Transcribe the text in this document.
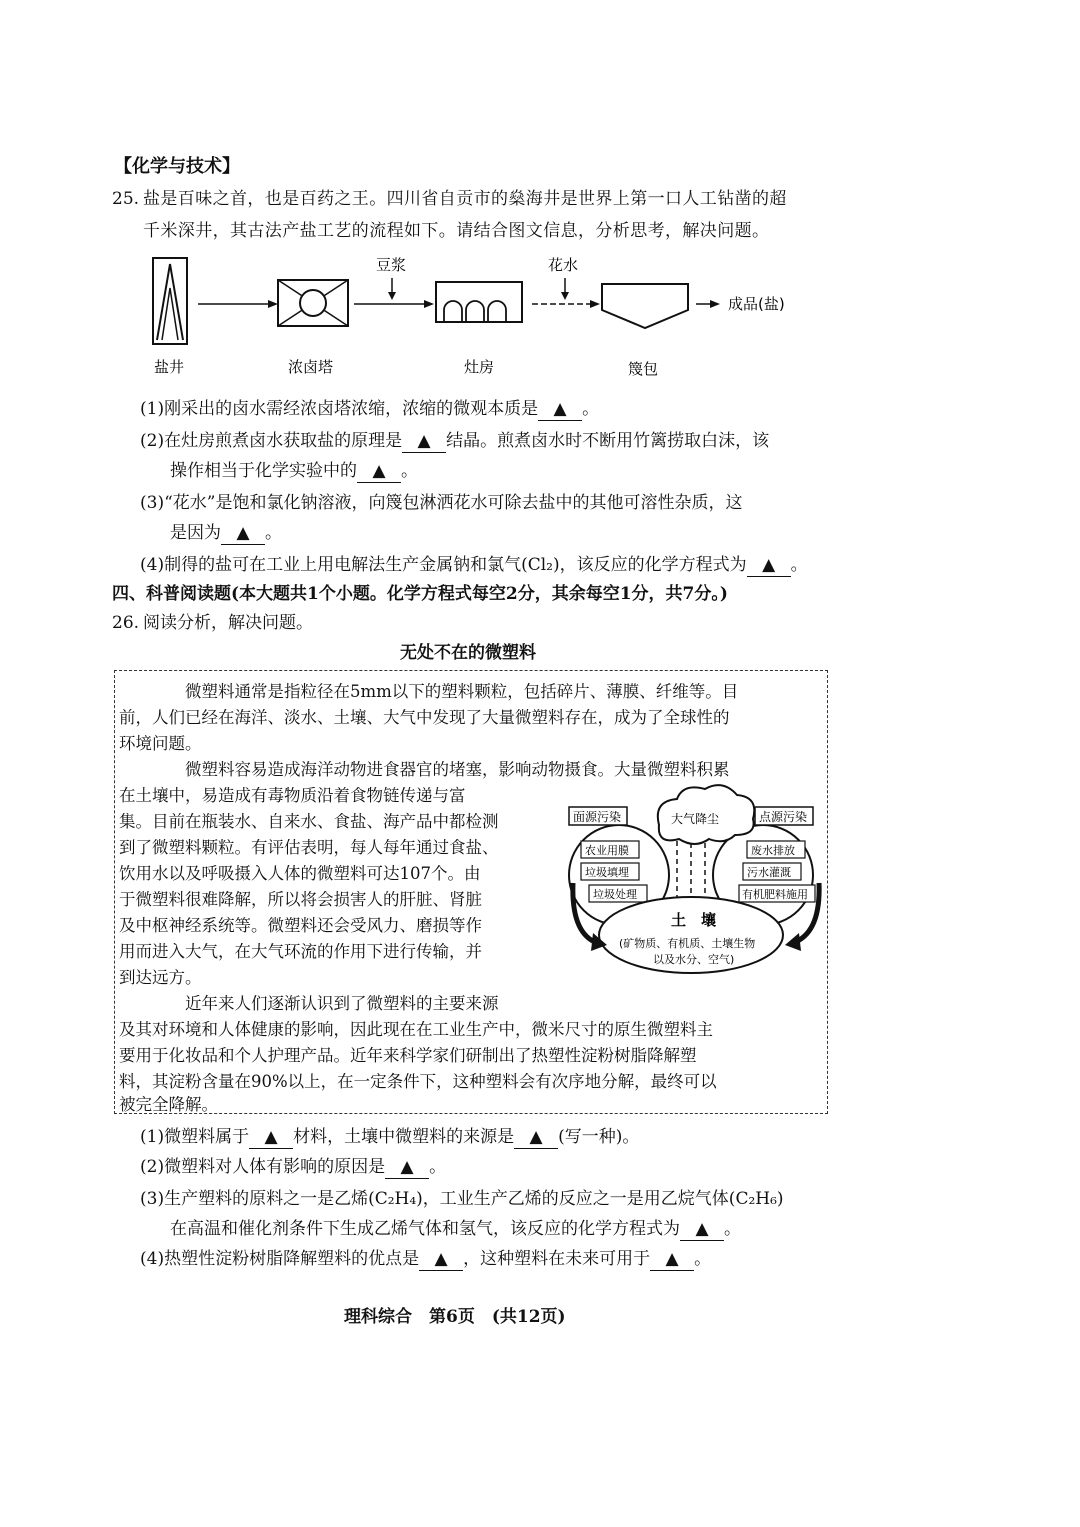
【化学与技术】
25. 盐是百味之首，也是百药之王。四川省自贡市的燊海井是世界上第一口人工钻凿的超
千米深井，其古法产盐工艺的流程如下。请结合图文信息，分析思考，解决问题。
豆浆	花水
成品(盐)
盐井	浓卤塔	灶房	篾包
(1)刚采出的卤水需经浓卤塔浓缩，浓缩的微观本质是 ▲ 。
(2)在灶房煎煮卤水获取盐的原理是 ▲ 结晶。煎煮卤水时不断用竹篱捞取白沫，该
操作相当于化学实验中的 ▲ 。
(3)“花水”是饱和氯化钠溶液，向篾包淋洒花水可除去盐中的其他可溶性杂质，这
是因为 ▲ 。
(4)制得的盐可在工业上用电解法生产金属钠和氯气(Cl₂)，该反应的化学方程式为 ▲ 。
四、科普阅读题(本大题共1个小题。化学方程式每空2分，其余每空1分，共7分。)
26. 阅读分析，解决问题。
无处不在的微塑料
微塑料通常是指粒径在5mm以下的塑料颗粒，包括碎片、薄膜、纤维等。目
前，人们已经在海洋、淡水、土壤、大气中发现了大量微塑料存在，成为了全球性的
环境问题。
微塑料容易造成海洋动物进食器官的堵塞，影响动物摄食。大量微塑料积累
在土壤中，易造成有毒物质沿着食物链传递与富
集。目前在瓶装水、自来水、食盐、海产品中都检测
到了微塑料颗粒。有评估表明，每人每年通过食盐、
饮用水以及呼吸摄入人体的微塑料可达107个。由
于微塑料很难降解，所以将会损害人的肝脏、肾脏
及中枢神经系统等。微塑料还会受风力、磨损等作
用而进入大气，在大气环流的作用下进行传输，并
到达远方。
近年来人们逐渐认识到了微塑料的主要来源
及其对环境和人体健康的影响，因此现在在工业生产中，微米尺寸的原生微塑料主
要用于化妆品和个人护理产品。近年来科学家们研制出了热塑性淀粉树脂降解塑
料，其淀粉含量在90%以上，在一定条件下，这种塑料会有次序地分解，最终可以
被完全降解。
大气降尘
面源污染	点源污染
农业用膜
垃圾填埋
垃圾处理
废水排放
污水灌溉
有机肥料施用
土　壤
(矿物质、有机质、土壤生物
以及水分、空气)
(1)微塑料属于 ▲ 材料，土壤中微塑料的来源是 ▲ (写一种)。
(2)微塑料对人体有影响的原因是 ▲ 。
(3)生产塑料的原料之一是乙烯(C₂H₄)，工业生产乙烯的反应之一是用乙烷气体(C₂H₆)
在高温和催化剂条件下生成乙烯气体和氢气，该反应的化学方程式为 ▲ 。
(4)热塑性淀粉树脂降解塑料的优点是 ▲ ，这种塑料在未来可用于 ▲ 。
理科综合　第6页　(共12页)
